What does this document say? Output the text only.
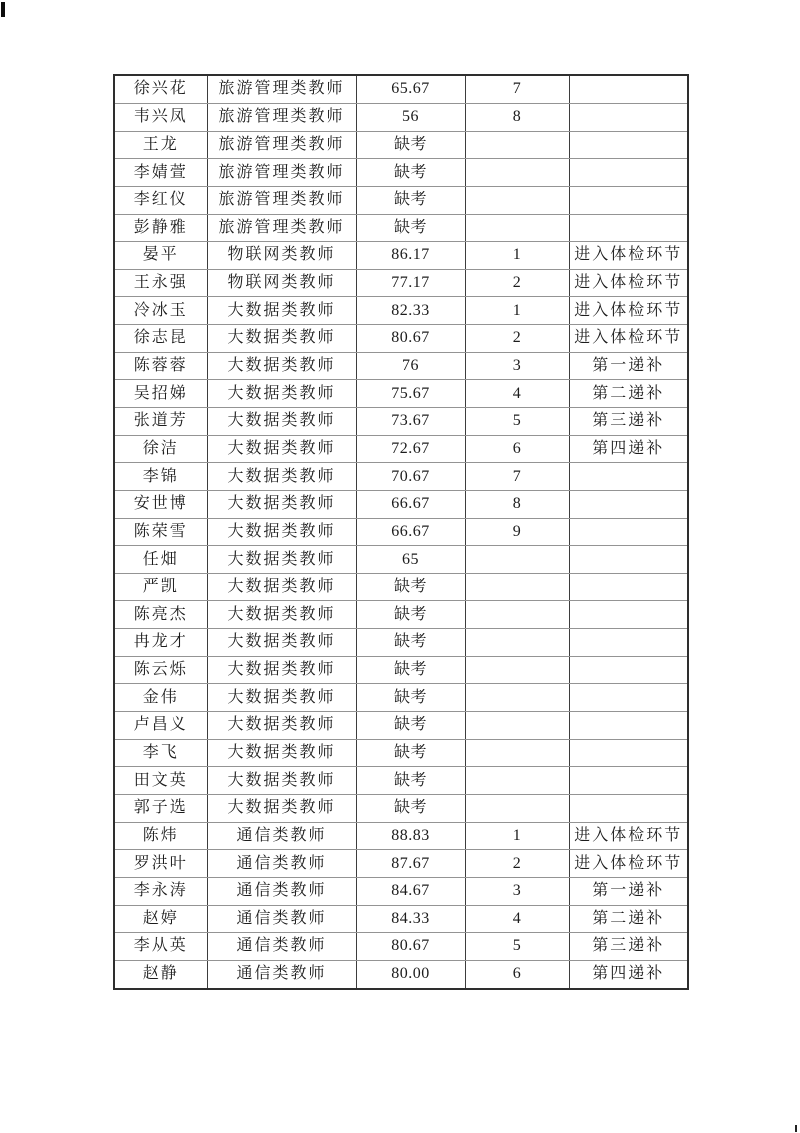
徐兴花	旅游管理类教师	65.67	7	
韦兴凤	旅游管理类教师	56	8	
王龙	旅游管理类教师	缺考		
李婧萱	旅游管理类教师	缺考		
李红仪	旅游管理类教师	缺考		
彭静雅	旅游管理类教师	缺考		
晏平	物联网类教师	86.17	1	进入体检环节
王永强	物联网类教师	77.17	2	进入体检环节
冷冰玉	大数据类教师	82.33	1	进入体检环节
徐志昆	大数据类教师	80.67	2	进入体检环节
陈蓉蓉	大数据类教师	76	3	第一递补
吴招娣	大数据类教师	75.67	4	第二递补
张道芳	大数据类教师	73.67	5	第三递补
徐洁	大数据类教师	72.67	6	第四递补
李锦	大数据类教师	70.67	7	
安世博	大数据类教师	66.67	8	
陈荣雪	大数据类教师	66.67	9	
任畑	大数据类教师	65		
严凯	大数据类教师	缺考		
陈亮杰	大数据类教师	缺考		
冉龙才	大数据类教师	缺考		
陈云烁	大数据类教师	缺考		
金伟	大数据类教师	缺考		
卢昌义	大数据类教师	缺考		
李飞	大数据类教师	缺考		
田文英	大数据类教师	缺考		
郭子选	大数据类教师	缺考		
陈炜	通信类教师	88.83	1	进入体检环节
罗洪叶	通信类教师	87.67	2	进入体检环节
李永涛	通信类教师	84.67	3	第一递补
赵婷	通信类教师	84.33	4	第二递补
李从英	通信类教师	80.67	5	第三递补
赵静	通信类教师	80.00	6	第四递补
